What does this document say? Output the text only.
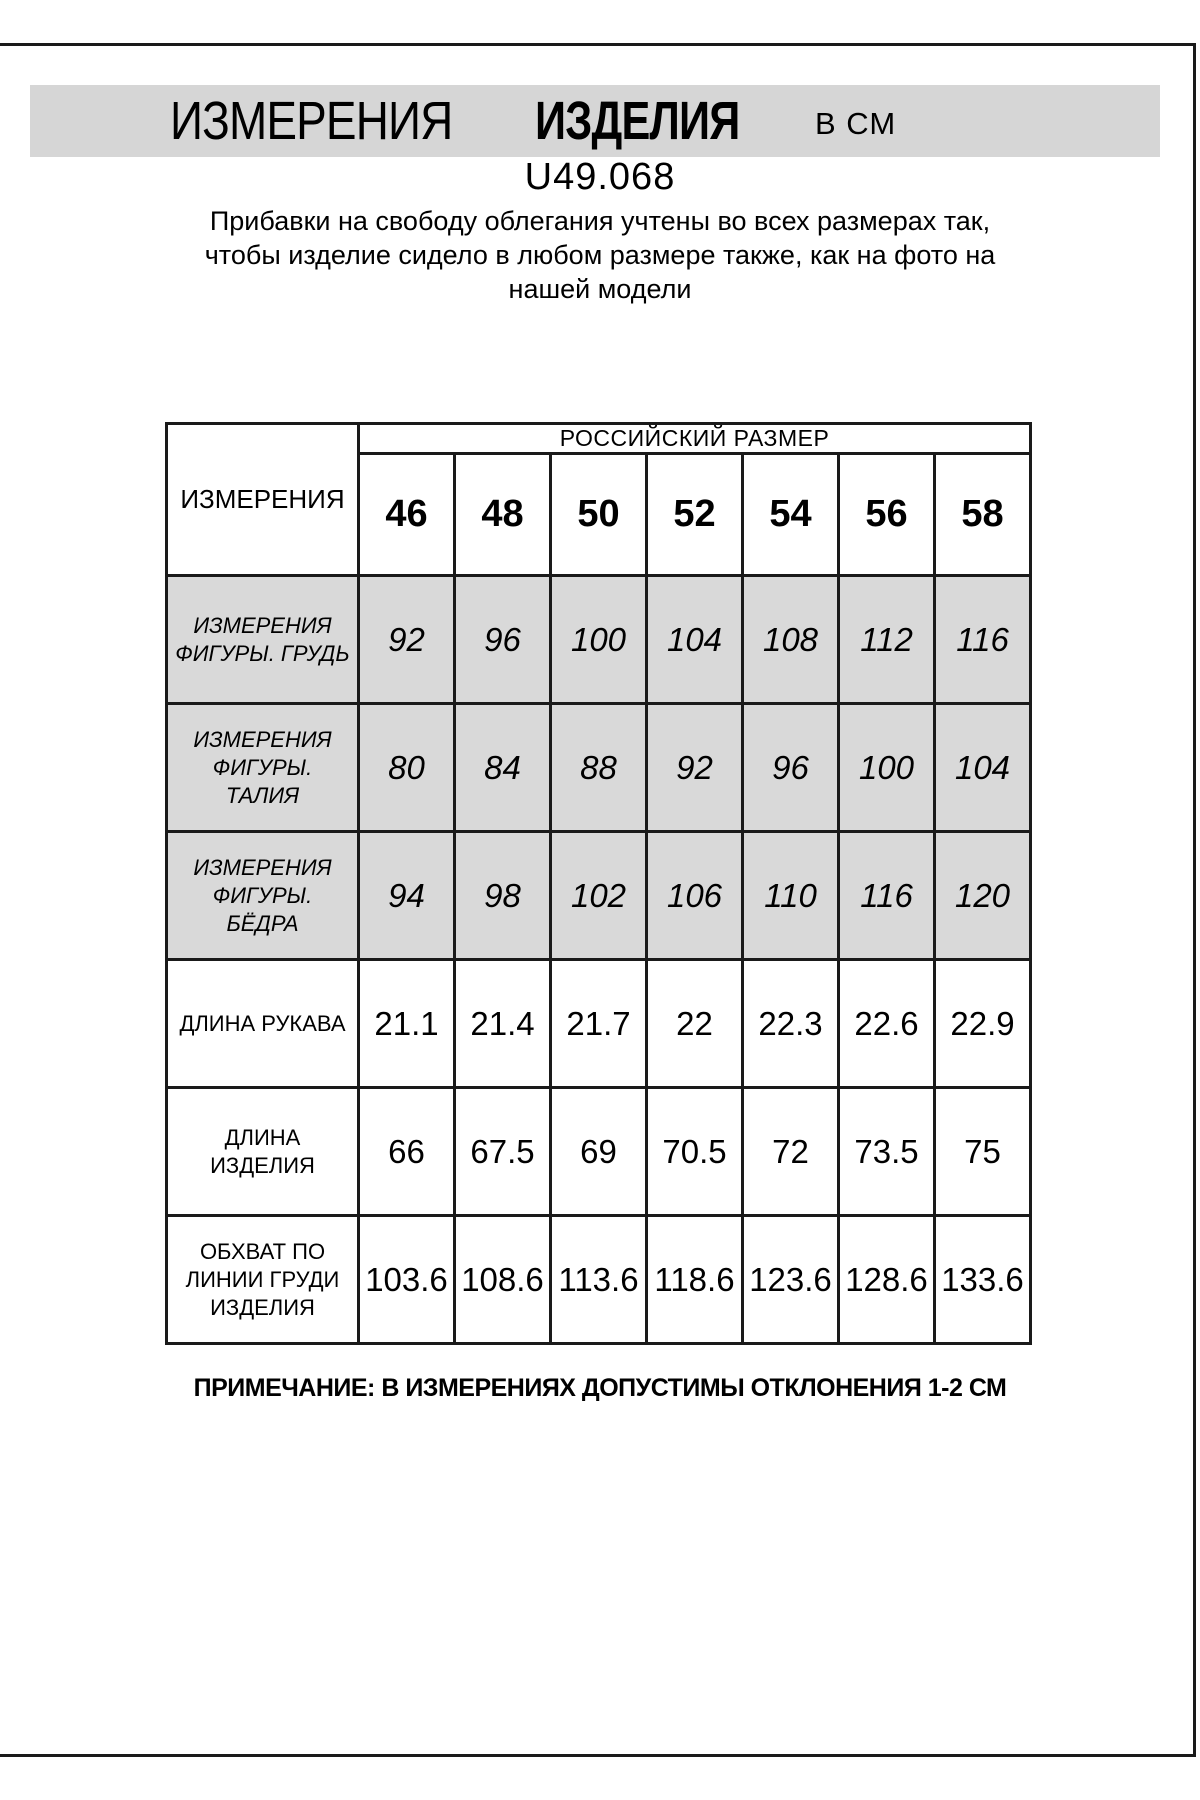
ИЗМЕРЕНИЯ ИЗДЕЛИЯ В СМ
U49.068
Прибавки на свободу облегания учтены во всех размерах так,
чтобы изделие сидело в любом размере также, как на фото на
нашей модели
ИЗМЕРЕНИЯ	РОССИЙСКИЙ РАЗМЕР						
	46	48	50	52	54	56	58
ИЗМЕРЕНИЯ ФИГУРЫ. ГРУДЬ	92	96	100	104	108	112	116
ИЗМЕРЕНИЯ ФИГУРЫ. ТАЛИЯ	80	84	88	92	96	100	104
ИЗМЕРЕНИЯ ФИГУРЫ. БЁДРА	94	98	102	106	110	116	120
ДЛИНА РУКАВА	21.1	21.4	21.7	22	22.3	22.6	22.9
ДЛИНА ИЗДЕЛИЯ	66	67.5	69	70.5	72	73.5	75
ОБХВАТ ПО ЛИНИИ ГРУДИ ИЗДЕЛИЯ	103.6	108.6	113.6	118.6	123.6	128.6	133.6
ПРИМЕЧАНИЕ: В ИЗМЕРЕНИЯХ ДОПУСТИМЫ ОТКЛОНЕНИЯ 1-2 СМ
